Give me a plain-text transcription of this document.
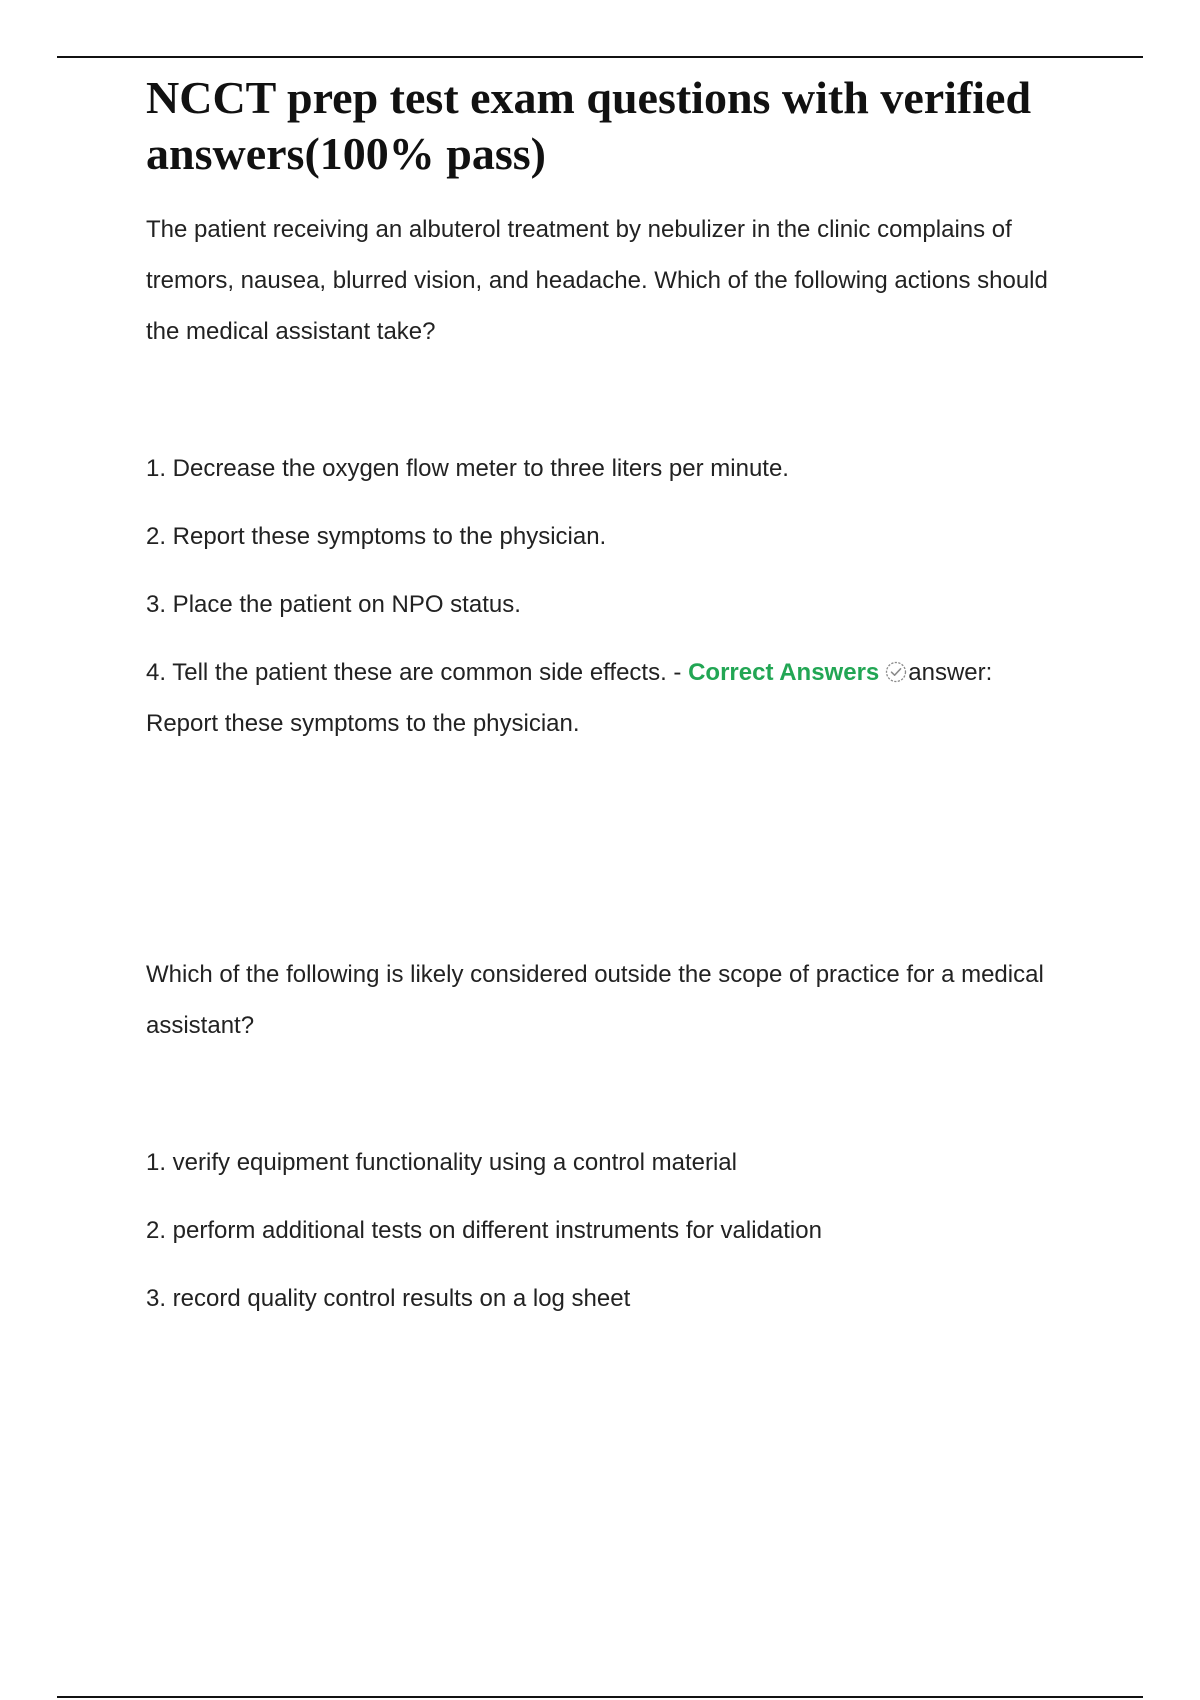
NCCT prep test exam questions with verified answers(100% pass)

The patient receiving an albuterol treatment by nebulizer in the clinic complains of tremors, nausea, blurred vision, and headache. Which of the following actions should the medical assistant take?

1. Decrease the oxygen flow meter to three liters per minute.

2. Report these symptoms to the physician.

3. Place the patient on NPO status.

4. Tell the patient these are common side effects. - Correct Answers answer:
Report these symptoms to the physician.

Which of the following is likely considered outside the scope of practice for a medical assistant?

1. verify equipment functionality using a control material

2. perform additional tests on different instruments for validation

3. record quality control results on a log sheet
